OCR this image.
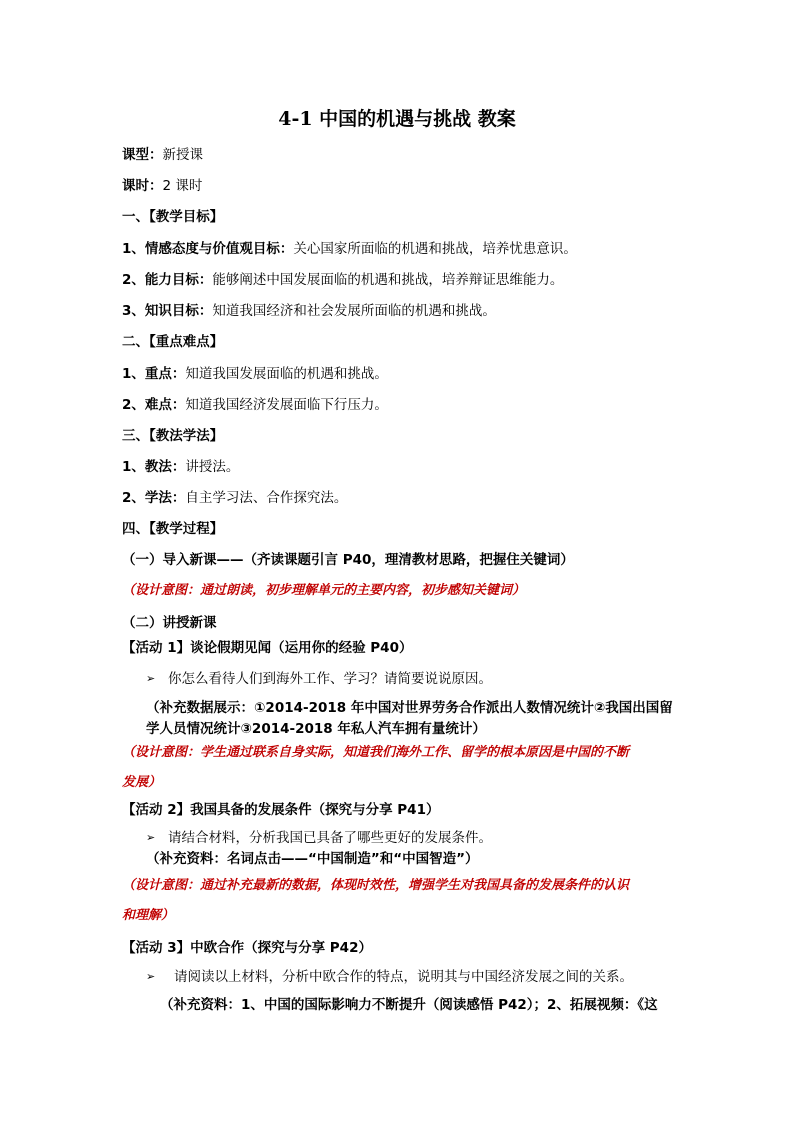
4-1 中国的机遇与挑战 教案
课型：新授课
课时：2 课时
一、【教学目标】
1、情感态度与价值观目标：关心国家所面临的机遇和挑战，培养忧患意识。
2、能力目标：能够阐述中国发展面临的机遇和挑战，培养辩证思维能力。
3、知识目标：知道我国经济和社会发展所面临的机遇和挑战。
二、【重点难点】
1、重点：知道我国发展面临的机遇和挑战。
2、难点：知道我国经济发展面临下行压力。
三、【教法学法】
1、教法：讲授法。
2、学法：自主学习法、合作探究法。
四、【教学过程】
（一）导入新课——（齐读课题引言 P40，理清教材思路，把握住关键词）
（设计意图：通过朗读，初步理解单元的主要内容，初步感知关键词）
（二）讲授新课
【活动 1】谈论假期见闻（运用你的经验 P40）
➢ 你怎么看待人们到海外工作、学习？请简要说说原因。
（补充数据展示：①2014-2018 年中国对世界劳务合作派出人数情况统计②我国出国留
学人员情况统计③2014-2018 年私人汽车拥有量统计）
（设计意图：学生通过联系自身实际，知道我们海外工作、留学的根本原因是中国的不断
发展）
【活动 2】我国具备的发展条件（探究与分享 P41）
➢ 请结合材料，分析我国已具备了哪些更好的发展条件。
（补充资料：名词点击——“中国制造”和“中国智造”）
（设计意图：通过补充最新的数据，体现时效性，增强学生对我国具备的发展条件的认识
和理解）
【活动 3】中欧合作（探究与分享 P42）
➢ 请阅读以上材料，分析中欧合作的特点，说明其与中国经济发展之间的关系。
（补充资料：1、中国的国际影响力不断提升（阅读感悟 P42）；2、拓展视频：《这
